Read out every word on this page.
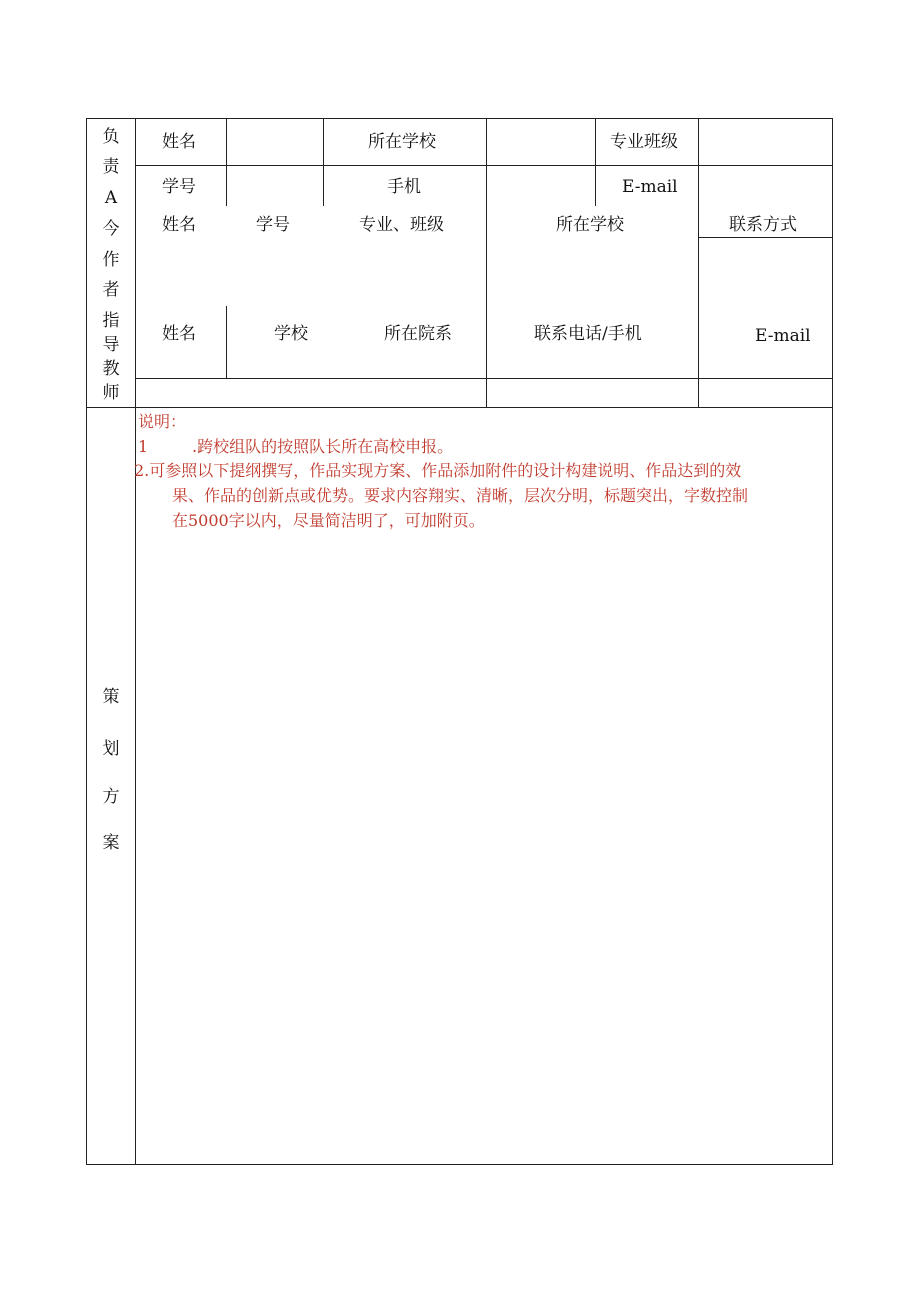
负
责
A
今
作
者
指
导
教
师
策
划
方
案
姓名	所在学校	专业班级
学号	手机	E-mail
姓名	学号	专业、班级	所在学校	联系方式
姓名	学校	所在院系	联系电话/手机	E-mail
说明：
1	.跨校组队的按照队长所在高校申报。
2.可参照以下提纲撰写，作品实现方案、作品添加附件的设计构建说明、作品达到的效
果、作品的创新点或优势。要求内容翔实、清晰，层次分明，标题突出，字数控制
在5000字以内，尽量简洁明了，可加附页。
